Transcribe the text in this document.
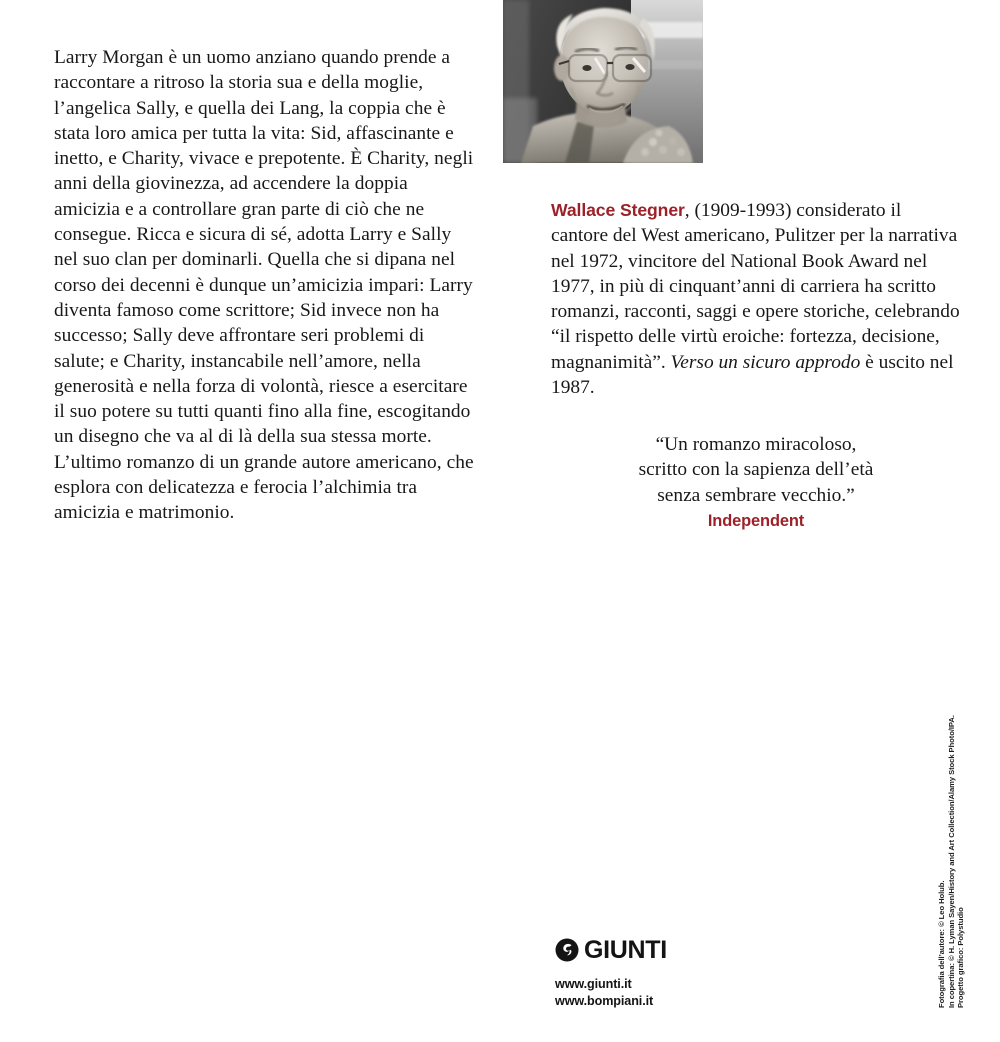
Larry Morgan è un uomo anziano quando prende a raccontare a ritroso la storia sua e della moglie, l’angelica Sally, e quella dei Lang, la coppia che è stata loro amica per tutta la vita: Sid, affascinante e inetto, e Charity, vivace e prepotente. È Charity, negli anni della giovinezza, ad accendere la doppia amicizia e a controllare gran parte di ciò che ne consegue. Ricca e sicura di sé, adotta Larry e Sally nel suo clan per dominarli. Quella che si dipana nel corso dei decenni è dunque un’amicizia impari: Larry diventa famoso come scrittore; Sid invece non ha successo; Sally deve affrontare seri problemi di salute; e Charity, instancabile nell’amore, nella generosità e nella forza di volontà, riesce a esercitare il suo potere su tutti quanti fino alla fine, escogitando un disegno che va al di là della sua stessa morte. L’ultimo romanzo di un grande autore americano, che esplora con delicatezza e ferocia l’alchimia tra amicizia e matrimonio.

Wallace Stegner, (1909-1993) considerato il cantore del West americano, Pulitzer per la narrativa nel 1972, vincitore del National Book Award nel 1977, in più di cinquant’anni di carriera ha scritto romanzi, racconti, saggi e opere storiche, celebrando “il rispetto delle virtù eroiche: fortezza, decisione, magnanimità”. Verso un sicuro approdo è uscito nel 1987.

“Un romanzo miracoloso,

scritto con la sapienza dell’età

senza sembrare vecchio.”

Independent

GIUNTI
www.giunti.it
www.bompiani.it	Fotografia dell’autore: © Leo Holub. In copertina: © H. Lyman Sayen/History and Art Collection/Alamy Stock Photo/IPA. Progetto grafico: Polystudio
